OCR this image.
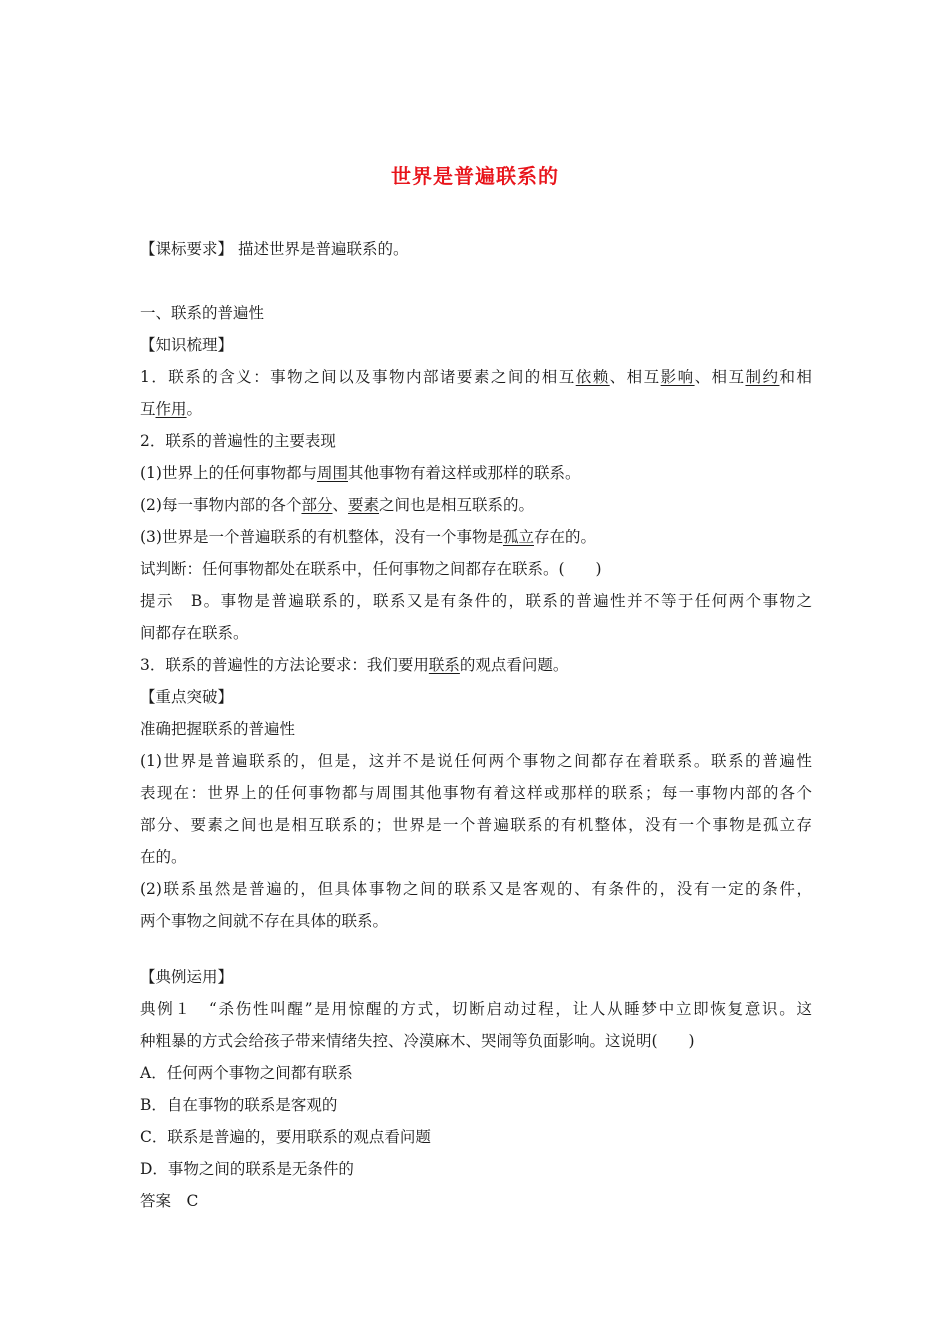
世界是普遍联系的

【课标要求】 描述世界是普遍联系的。

一、联系的普遍性

【知识梳理】

1．联系的含义：事物之间以及事物内部诸要素之间的相互依赖、相互影响、相互制约和相

互作用。

2．联系的普遍性的主要表现

(1)世界上的任何事物都与周围其他事物有着这样或那样的联系。

(2)每一事物内部的各个部分、要素之间也是相互联系的。

(3)世界是一个普遍联系的有机整体，没有一个事物是孤立存在的。

试判断：任何事物都处在联系中，任何事物之间都存在联系。(　　)

提示　B。事物是普遍联系的，联系又是有条件的，联系的普遍性并不等于任何两个事物之

间都存在联系。

3．联系的普遍性的方法论要求：我们要用联系的观点看问题。

【重点突破】

准确把握联系的普遍性

(1)世界是普遍联系的，但是，这并不是说任何两个事物之间都存在着联系。联系的普遍性

表现在：世界上的任何事物都与周围其他事物有着这样或那样的联系；每一事物内部的各个

部分、要素之间也是相互联系的；世界是一个普遍联系的有机整体，没有一个事物是孤立存

在的。

(2)联系虽然是普遍的，但具体事物之间的联系又是客观的、有条件的，没有一定的条件，

两个事物之间就不存在具体的联系。

【典例运用】

典例１　“杀伤性叫醒”是用惊醒的方式，切断启动过程，让人从睡梦中立即恢复意识。这

种粗暴的方式会给孩子带来情绪失控、冷漠麻木、哭闹等负面影响。这说明(　　)

A．任何两个事物之间都有联系

B．自在事物的联系是客观的

C．联系是普遍的，要用联系的观点看问题

D．事物之间的联系是无条件的

答案　C
